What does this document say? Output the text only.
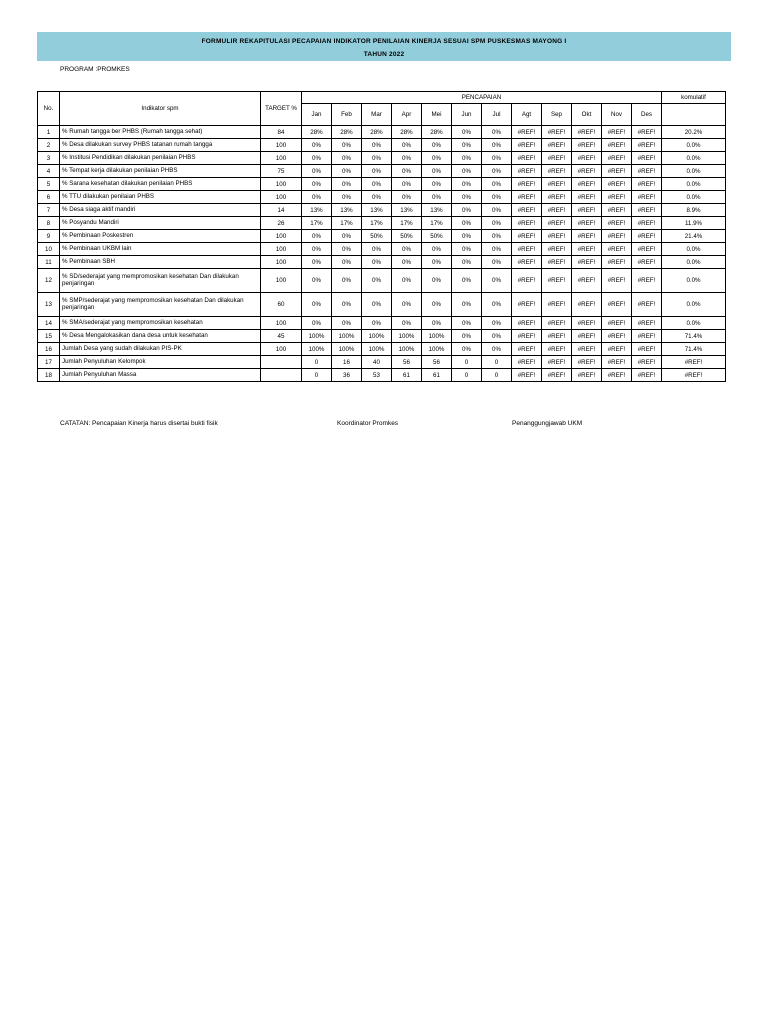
FORMULIR REKAPITULASI PECAPAIAN INDIKATOR PENILAIAN KINERJA SESUAI SPM PUSKESMAS MAYONG I
TAHUN 2022
PROGRAM :PROMKES
No.	Indikator spm	TARGET %	PENCAPAIAN												komulatif
			Jan	Feb	Mar	Apr	Mei	Jun	Jul	Agt	Sep	Okt	Nov	Des	
1	% Rumah tangga ber PHBS (Rumah tangga sehat)	84	28%	28%	28%	28%	28%	0%	0%	#REF!	#REF!	#REF!	#REF!	#REF!	20.2%
2	% Desa dilakukan survey PHBS tatanan rumah tangga	100	0%	0%	0%	0%	0%	0%	0%	#REF!	#REF!	#REF!	#REF!	#REF!	0.0%
3	% Institusi Pendidikan dilakukan penilaian PHBS	100	0%	0%	0%	0%	0%	0%	0%	#REF!	#REF!	#REF!	#REF!	#REF!	0.0%
4	% Tempat kerja dilakukan penilaian PHBS	75	0%	0%	0%	0%	0%	0%	0%	#REF!	#REF!	#REF!	#REF!	#REF!	0.0%
5	% Sarana kesehatan dilakukan penilaian PHBS	100	0%	0%	0%	0%	0%	0%	0%	#REF!	#REF!	#REF!	#REF!	#REF!	0.0%
6	% TTU dilakukan penilaian PHBS	100	0%	0%	0%	0%	0%	0%	0%	#REF!	#REF!	#REF!	#REF!	#REF!	0.0%
7	% Desa siaga aktif mandiri	14	13%	13%	13%	13%	13%	0%	0%	#REF!	#REF!	#REF!	#REF!	#REF!	8.9%
8	% Posyandu Mandiri	26	17%	17%	17%	17%	17%	0%	0%	#REF!	#REF!	#REF!	#REF!	#REF!	11.9%
9	% Pembinaan Poskestren	100	0%	0%	50%	50%	50%	0%	0%	#REF!	#REF!	#REF!	#REF!	#REF!	21.4%
10	% Pembinaan UKBM lain	100	0%	0%	0%	0%	0%	0%	0%	#REF!	#REF!	#REF!	#REF!	#REF!	0.0%
11	% Pembinaan SBH	100	0%	0%	0%	0%	0%	0%	0%	#REF!	#REF!	#REF!	#REF!	#REF!	0.0%
12	% SD/sederajat yang mempromosikan kesehatan Dan dilakukan penjaringan	100	0%	0%	0%	0%	0%	0%	0%	#REF!	#REF!	#REF!	#REF!	#REF!	0.0%
13	% SMP/sederajat yang mempromosikan kesehatan Dan dilakukan penjaringan	60	0%	0%	0%	0%	0%	0%	0%	#REF!	#REF!	#REF!	#REF!	#REF!	0.0%
14	% SMA/sederajat yang mempromosikan kesehatan	100	0%	0%	0%	0%	0%	0%	0%	#REF!	#REF!	#REF!	#REF!	#REF!	0.0%
15	% Desa Mengalokasikan dana desa untuk kesehatan	45	100%	100%	100%	100%	100%	0%	0%	#REF!	#REF!	#REF!	#REF!	#REF!	71.4%
16	Jumlah Desa yang sudah dilakukan PIS-PK	100	100%	100%	100%	100%	100%	0%	0%	#REF!	#REF!	#REF!	#REF!	#REF!	71.4%
17	Jumlah Penyuluhan Kelompok		0	16	40	56	56	0	0	#REF!	#REF!	#REF!	#REF!	#REF!	#REF!
18	Jumlah Penyuluhan Massa		0	36	53	61	61	0	0	#REF!	#REF!	#REF!	#REF!	#REF!	#REF!
CATATAN: Pencapaian Kinerja harus disertai bukti fisik	Koordinator Promkes	Penanggungjawab UKM
